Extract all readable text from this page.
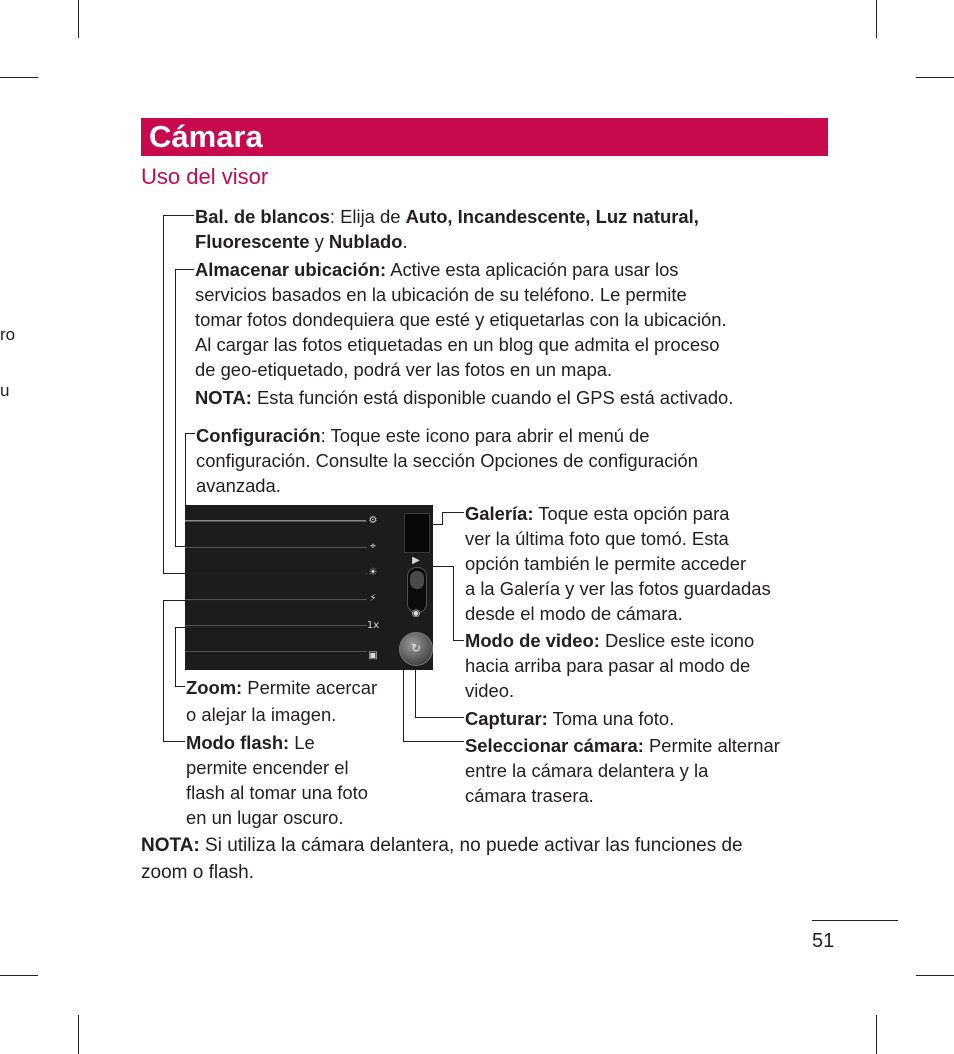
ro
u
Cámara
Uso del visor
Bal. de blancos: Elija de Auto, Incandescente, Luz natural,
Fluorescente y Nublado.
Almacenar ubicación: Active esta aplicación para usar los
servicios basados en la ubicación de su teléfono. Le permite
tomar fotos dondequiera que esté y etiquetarlas con la ubicación.
Al cargar las fotos etiquetadas en un blog que admita el proceso
de geo-etiquetado, podrá ver las fotos en un mapa.
NOTA: Esta función está disponible cuando el GPS está activado.
Configuración: Toque este icono para abrir el menú de
configuración. Consulte la sección Opciones de configuración
avanzada.
⚙
⌖
☀
⚡
1x
▣
▶
◉
↻
Galería: Toque esta opción para
ver la última foto que tomó. Esta
opción también le permite acceder
a la Galería y ver las fotos guardadas
desde el modo de cámara.
Modo de video: Deslice este icono
hacia arriba para pasar al modo de
video.
Capturar: Toma una foto.
Seleccionar cámara: Permite alternar
entre la cámara delantera y la
cámara trasera.
Zoom: Permite acercar
o alejar la imagen.
Modo flash: Le
permite encender el
flash al tomar una foto
en un lugar oscuro.
NOTA: Si utiliza la cámara delantera, no puede activar las funciones de
zoom o flash.
51
